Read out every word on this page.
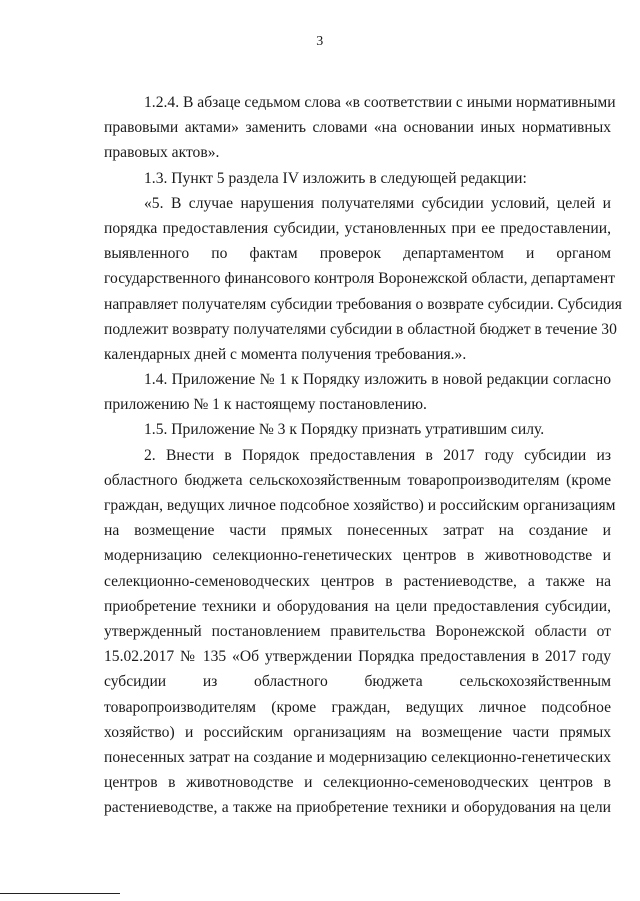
3
1.2.4. В абзаце седьмом слова «в соответствии с иными нормативными
правовыми актами» заменить словами «на основании иных нормативных
правовых актов».
1.3. Пункт 5 раздела IV изложить в следующей редакции:
«5. В случае нарушения получателями субсидии условий, целей и
порядка предоставления субсидии, установленных при ее предоставлении,
выявленного по фактам проверок департаментом и органом
государственного финансового контроля Воронежской области, департамент
направляет получателям субсидии требования о возврате субсидии. Субсидия
подлежит возврату получателями субсидии в областной бюджет в течение 30
календарных дней с момента получения требования.».
1.4. Приложение № 1 к Порядку изложить в новой редакции согласно
приложению № 1 к настоящему постановлению.
1.5. Приложение № 3 к Порядку признать утратившим силу.
2. Внести в Порядок предоставления в 2017 году субсидии из
областного бюджета сельскохозяйственным товаропроизводителям (кроме
граждан, ведущих личное подсобное хозяйство) и российским организациям
на возмещение части прямых понесенных затрат на создание и
модернизацию селекционно-генетических центров в животноводстве и
селекционно-семеноводческих центров в растениеводстве, а также на
приобретение техники и оборудования на цели предоставления субсидии,
утвержденный постановлением правительства Воронежской области от
15.02.2017 № 135 «Об утверждении Порядка предоставления в 2017 году
субсидии из областного бюджета сельскохозяйственным
товаропроизводителям (кроме граждан, ведущих личное подсобное
хозяйство) и российским организациям на возмещение части прямых
понесенных затрат на создание и модернизацию селекционно-генетических
центров в животноводстве и селекционно-семеноводческих центров в
растениеводстве, а также на приобретение техники и оборудования на цели
